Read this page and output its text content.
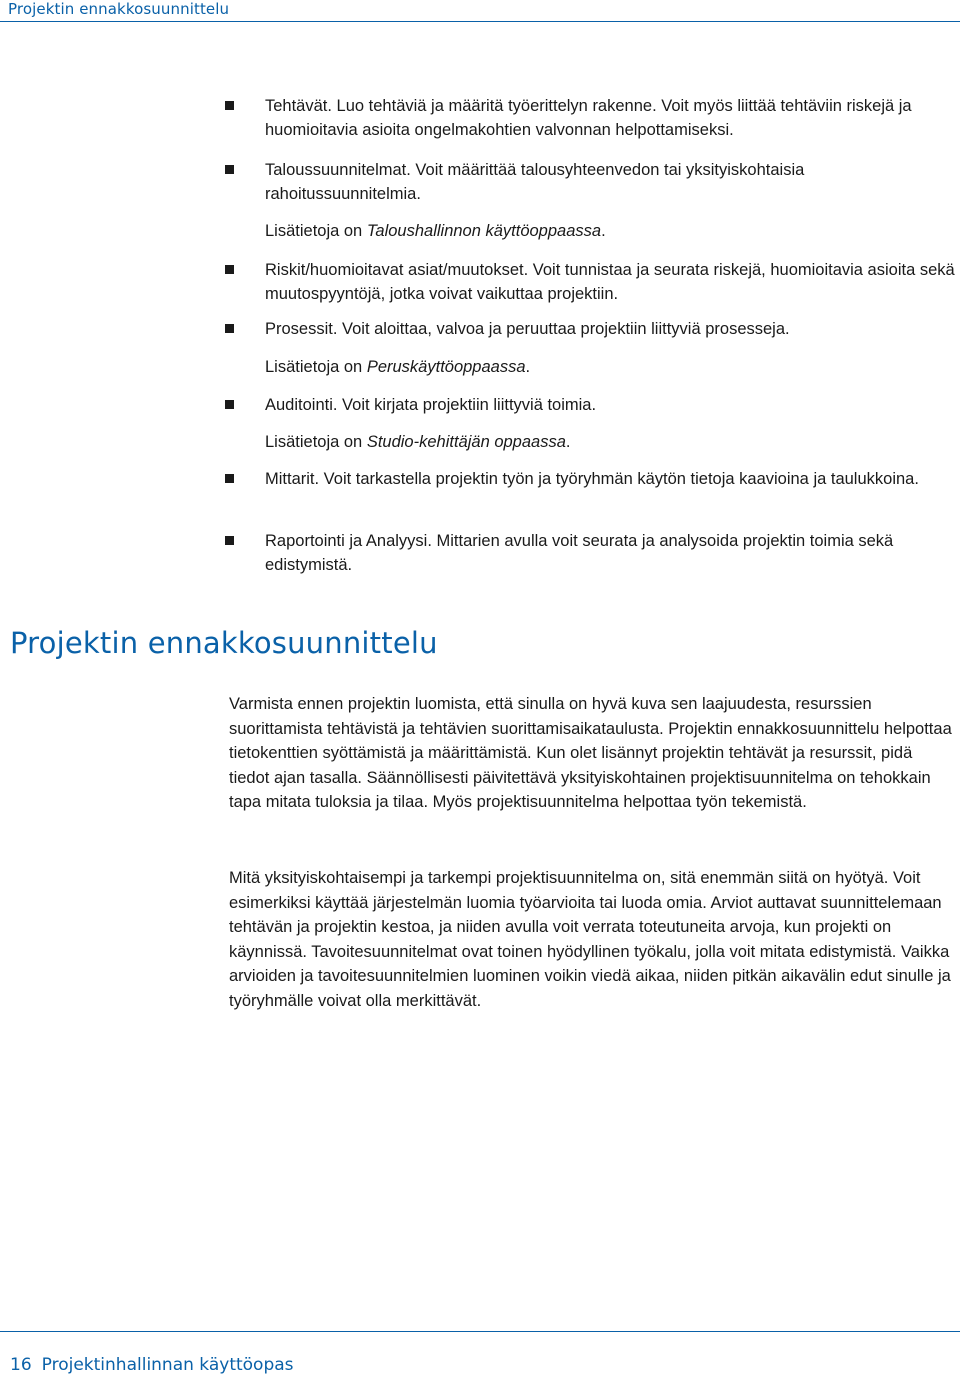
Projektin ennakkosuunnittelu
Tehtävät. Luo tehtäviä ja määritä työerittelyn rakenne. Voit myös liittää tehtäviin riskejä ja huomioitavia asioita ongelmakohtien valvonnan helpottamiseksi.
Taloussuunnitelmat. Voit määrittää talousyhteenvedon tai yksityiskohtaisia rahoitussuunnitelmia.
Lisätietoja on Taloushallinnon käyttöoppaassa.
Riskit/huomioitavat asiat/muutokset. Voit tunnistaa ja seurata riskejä, huomioitavia asioita sekä muutospyyntöjä, jotka voivat vaikuttaa projektiin.
Prosessit. Voit aloittaa, valvoa ja peruuttaa projektiin liittyviä prosesseja.
Lisätietoja on Peruskäyttöoppaassa.
Auditointi. Voit kirjata projektiin liittyviä toimia.
Lisätietoja on Studio-kehittäjän oppaassa.
Mittarit. Voit tarkastella projektin työn ja työryhmän käytön tietoja kaavioina ja taulukkoina.
Raportointi ja Analyysi. Mittarien avulla voit seurata ja analysoida projektin toimia sekä edistymistä.
Projektin ennakkosuunnittelu

Varmista ennen projektin luomista, että sinulla on hyvä kuva sen laajuudesta, resurssien suorittamista tehtävistä ja tehtävien suorittamisaikataulusta. Projektin ennakkosuunnittelu helpottaa tietokenttien syöttämistä ja määrittämistä. Kun olet lisännyt projektin tehtävät ja resurssit, pidä tiedot ajan tasalla. Säännöllisesti päivitettävä yksityiskohtainen projektisuunnitelma on tehokkain tapa mitata tuloksia ja tilaa. Myös projektisuunnitelma helpottaa työn tekemistä.

Mitä yksityiskohtaisempi ja tarkempi projektisuunnitelma on, sitä enemmän siitä on hyötyä. Voit esimerkiksi käyttää järjestelmän luomia työarvioita tai luoda omia. Arviot auttavat suunnittelemaan tehtävän ja projektin kestoa, ja niiden avulla voit verrata toteutuneita arvoja, kun projekti on käynnissä. Tavoitesuunnitelmat ovat toinen hyödyllinen työkalu, jolla voit mitata edistymistä. Vaikka arvioiden ja tavoitesuunnitelmien luominen voikin viedä aikaa, niiden pitkän aikavälin edut sinulle ja työryhmälle voivat olla merkittävät.

16 Projektinhallinnan käyttöopas
